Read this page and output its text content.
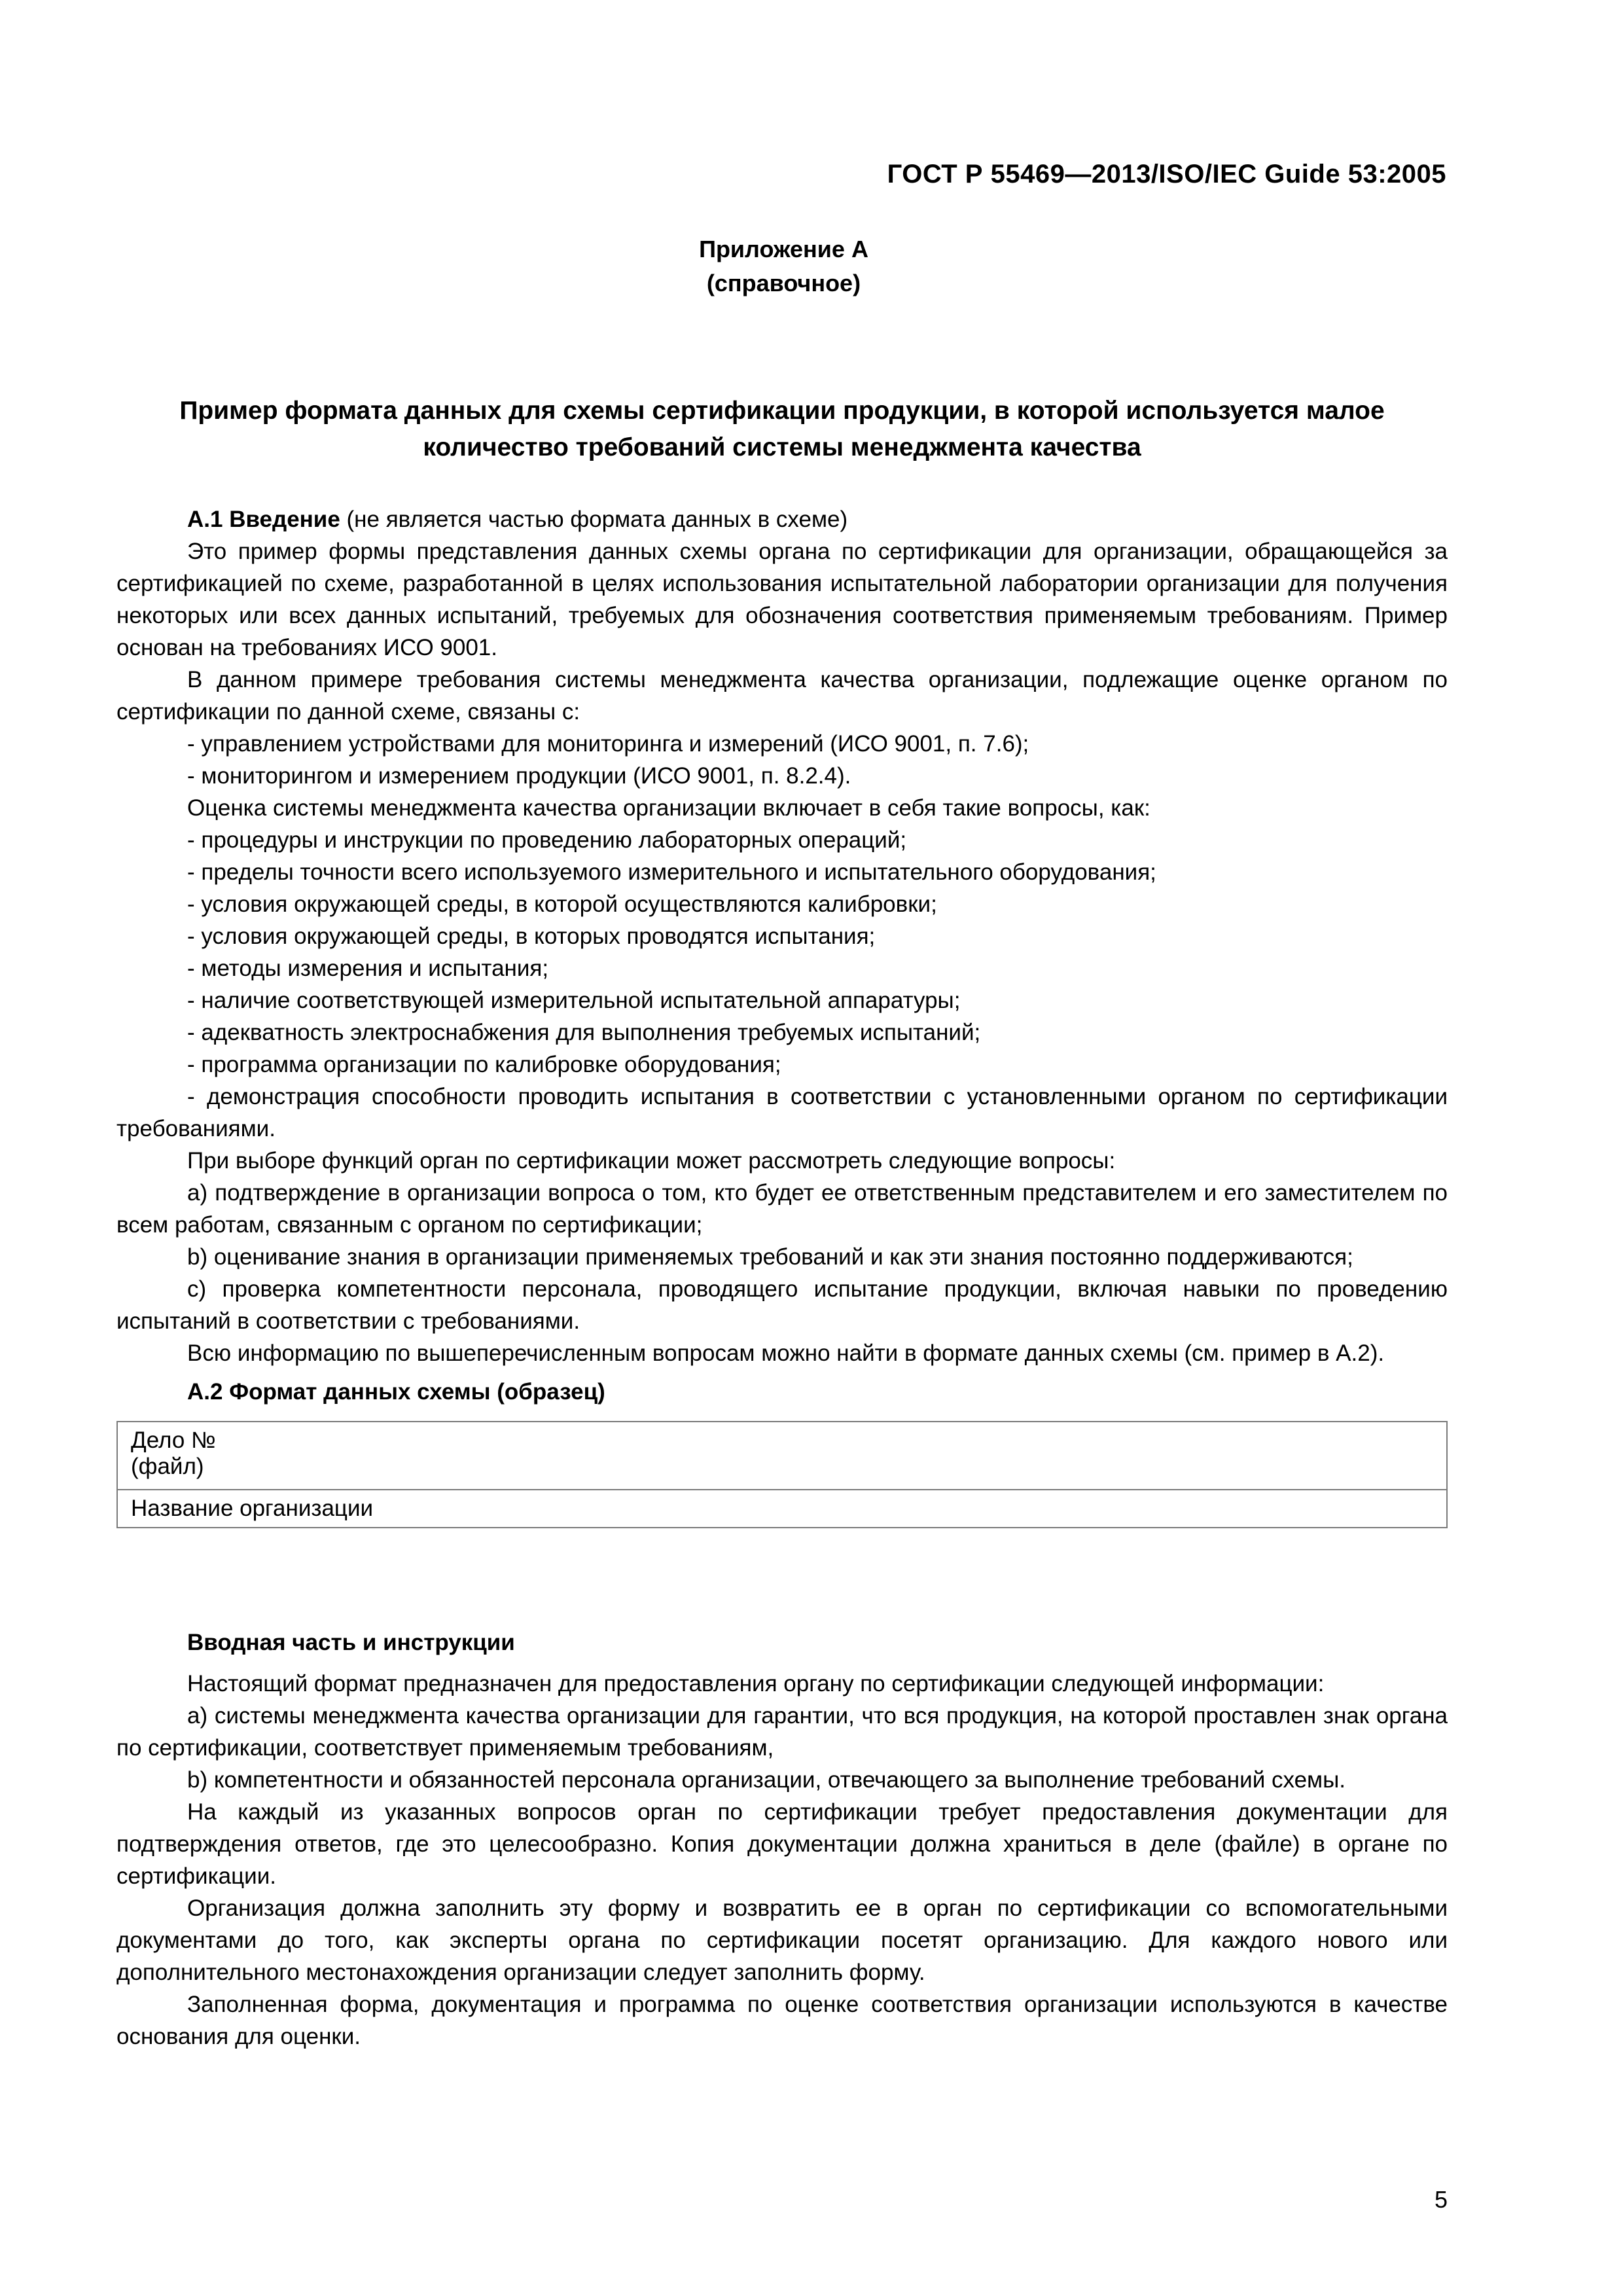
ГОСТ Р 55469—2013/ISO/IEC Guide 53:2005
Приложение А
(справочное)
Пример формата данных для схемы сертификации продукции, в которой используется малое
количество требований системы менеджмента качества

А.1 Введение (не является частью формата данных в схеме)

Это пример формы представления данных схемы органа по сертификации для организации, обращающейся за сертификацией по схеме, разработанной в целях использования испытательной лаборатории организации для получения некоторых или всех данных испытаний, требуемых для обозначения соответствия применяемым требованиям. Пример основан на требованиях ИСО 9001.

В данном примере требования системы менеджмента качества организации, подлежащие оценке органом по сертификации по данной схеме, связаны с:

- управлением устройствами для мониторинга и измерений (ИСО 9001, п. 7.6);

- мониторингом и измерением продукции (ИСО 9001, п. 8.2.4).

Оценка системы менеджмента качества организации включает в себя такие вопросы, как:

- процедуры и инструкции по проведению лабораторных операций;

- пределы точности всего используемого измерительного и испытательного оборудования;

- условия окружающей среды, в которой осуществляются калибровки;

- условия окружающей среды, в которых проводятся испытания;

- методы измерения и испытания;

- наличие соответствующей измерительной испытательной аппаратуры;

- адекватность электроснабжения для выполнения требуемых испытаний;

- программа организации по калибровке оборудования;

- демонстрация способности проводить испытания в соответствии с установленными органом по сертификации требованиями.

При выборе функций орган по сертификации может рассмотреть следующие вопросы:

а) подтверждение в организации вопроса о том, кто будет ее ответственным представителем и его заместителем по всем работам, связанным с органом по сертификации;

b) оценивание знания в организации применяемых требований и как эти знания постоянно поддерживаются;

c) проверка компетентности персонала, проводящего испытание продукции, включая навыки по проведению испытаний в соответствии с требованиями.

Всю информацию по вышеперечисленным вопросам можно найти в формате данных схемы (см. пример в А.2).

А.2 Формат данных схемы (образец)

Дело №
(файл)

Название организации

Вводная часть и инструкции

Настоящий формат предназначен для предоставления органу по сертификации следующей информации:

а) системы менеджмента качества организации для гарантии, что вся продукция, на которой проставлен знак органа по сертификации, соответствует применяемым требованиям,

b) компетентности и обязанностей персонала организации, отвечающего за выполнение требований схемы.

На каждый из указанных вопросов орган по сертификации требует предоставления документации для подтверждения ответов, где это целесообразно. Копия документации должна храниться в деле (файле) в органе по сертификации.

Организация должна заполнить эту форму и возвратить ее в орган по сертификации со вспомогательными документами до того, как эксперты органа по сертификации посетят организацию. Для каждого нового или дополнительного местонахождения организации следует заполнить форму.

Заполненная форма, документация и программа по оценке соответствия организации используются в качестве основания для оценки.

5
